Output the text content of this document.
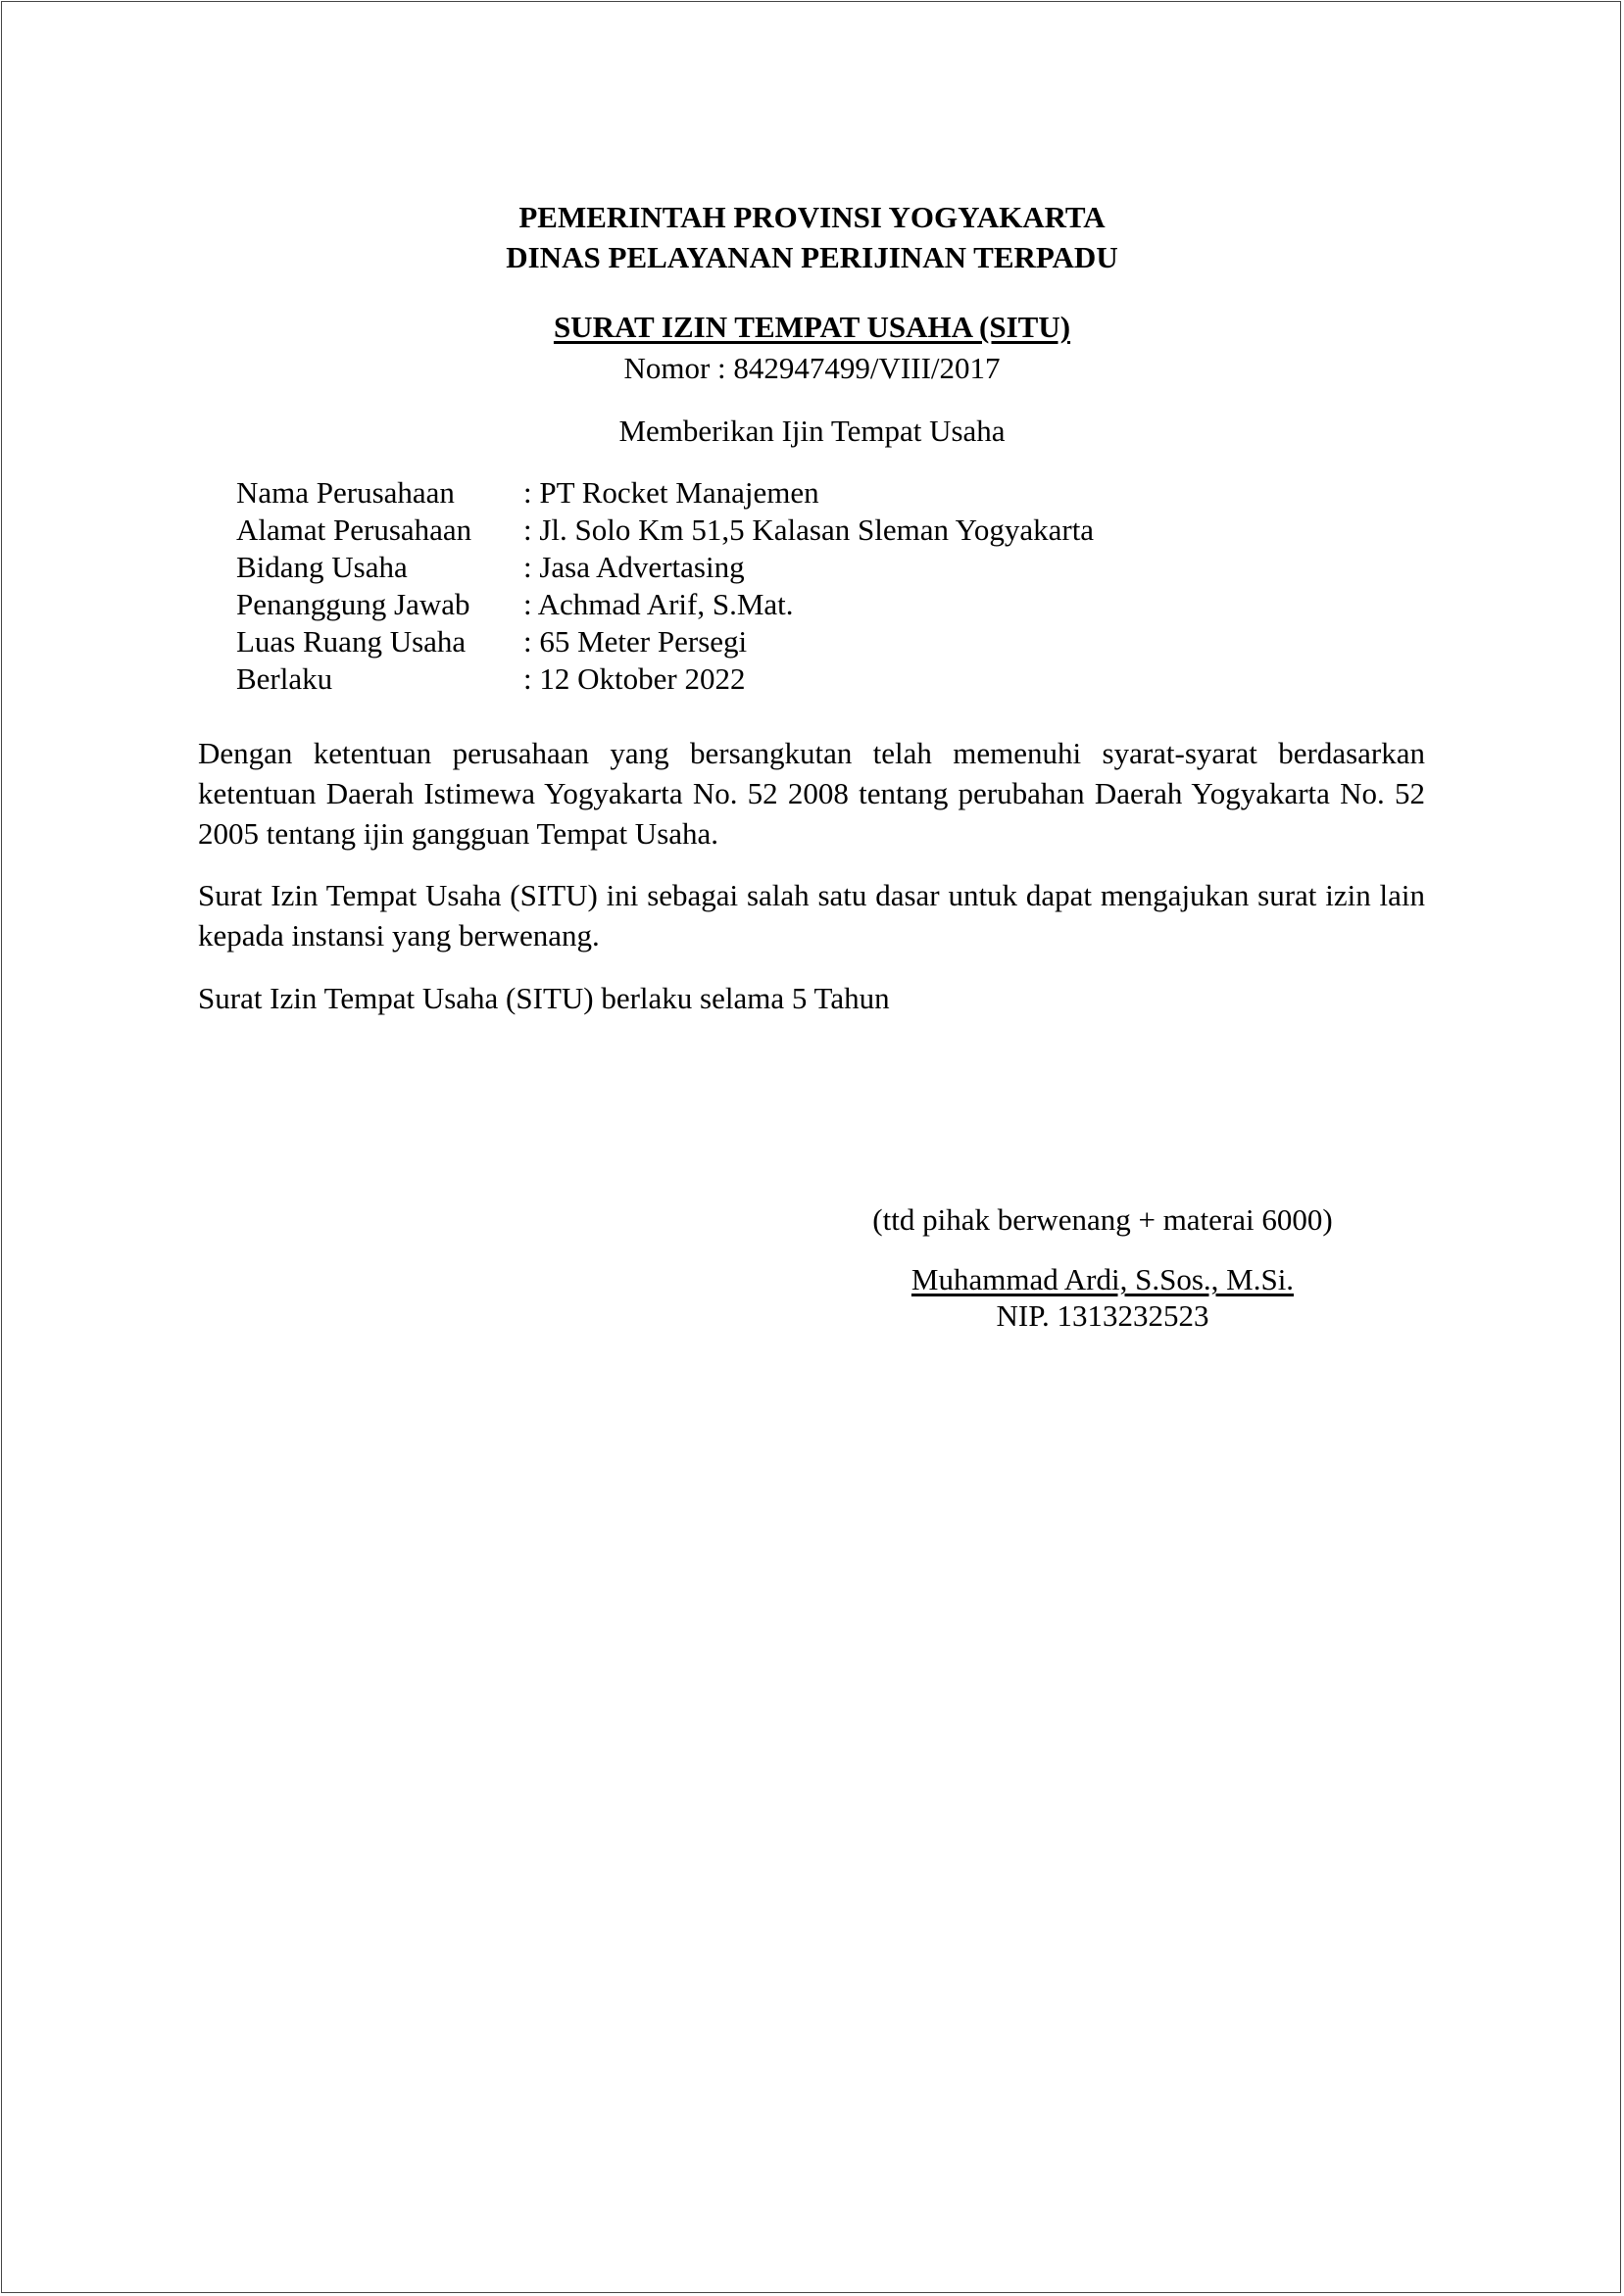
PEMERINTAH PROVINSI YOGYAKARTA
DINAS PELAYANAN PERIJINAN TERPADU
SURAT IZIN TEMPAT USAHA (SITU)
Nomor : 842947499/VIII/2017
Memberikan Ijin Tempat Usaha
Nama Perusahaan : PT Rocket Manajemen
Alamat Perusahaan : Jl. Solo Km 51,5 Kalasan Sleman Yogyakarta
Bidang Usaha	: Jasa Advertasing
Penanggung Jawab : Achmad Arif, S.Mat.
Luas Ruang Usaha : 65 Meter Persegi
Berlaku	: 12 Oktober 2022
Dengan ketentuan perusahaan yang bersangkutan telah memenuhi syarat-syarat berdasarkan ketentuan Daerah Istimewa Yogyakarta No. 52 2008 tentang perubahan Daerah Yogyakarta No. 52 2005 tentang ijin gangguan Tempat Usaha.
Surat Izin Tempat Usaha (SITU) ini sebagai salah satu dasar untuk dapat mengajukan surat izin lain kepada instansi yang berwenang.
Surat Izin Tempat Usaha (SITU) berlaku selama 5 Tahun
(ttd pihak berwenang + materai 6000)
Muhammad Ardi, S.Sos., M.Si.
NIP. 1313232523
